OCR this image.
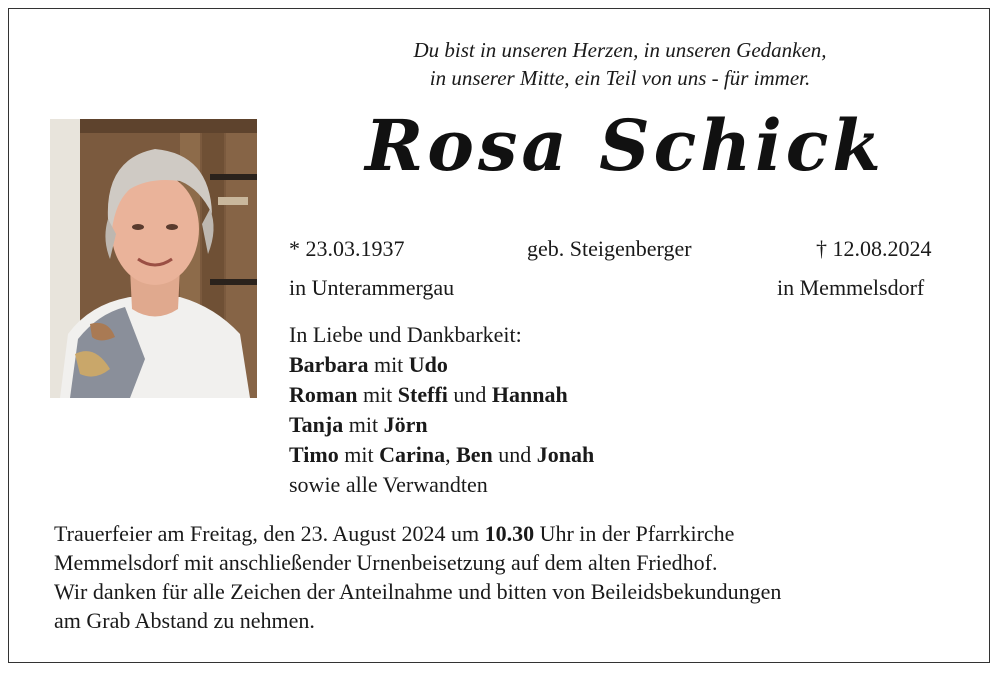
Du bist in unseren Herzen, in unseren Gedanken,
in unserer Mitte, ein Teil von uns - für immer.
Rosa Schick
* 23.03.1937	geb. Steigenberger	† 12.08.2024
in Unterammergau	in Memmelsdorf
In Liebe und Dankbarkeit:
Barbara mit Udo
Roman mit Steffi und Hannah
Tanja mit Jörn
Timo mit Carina, Ben und Jonah
sowie alle Verwandten
Trauerfeier am Freitag, den 23. August 2024 um 10.30 Uhr in der Pfarrkirche
Memmelsdorf mit anschließender Urnenbeisetzung auf dem alten Friedhof.
Wir danken für alle Zeichen der Anteilnahme und bitten von Beileidsbekundungen
am Grab Abstand zu nehmen.
